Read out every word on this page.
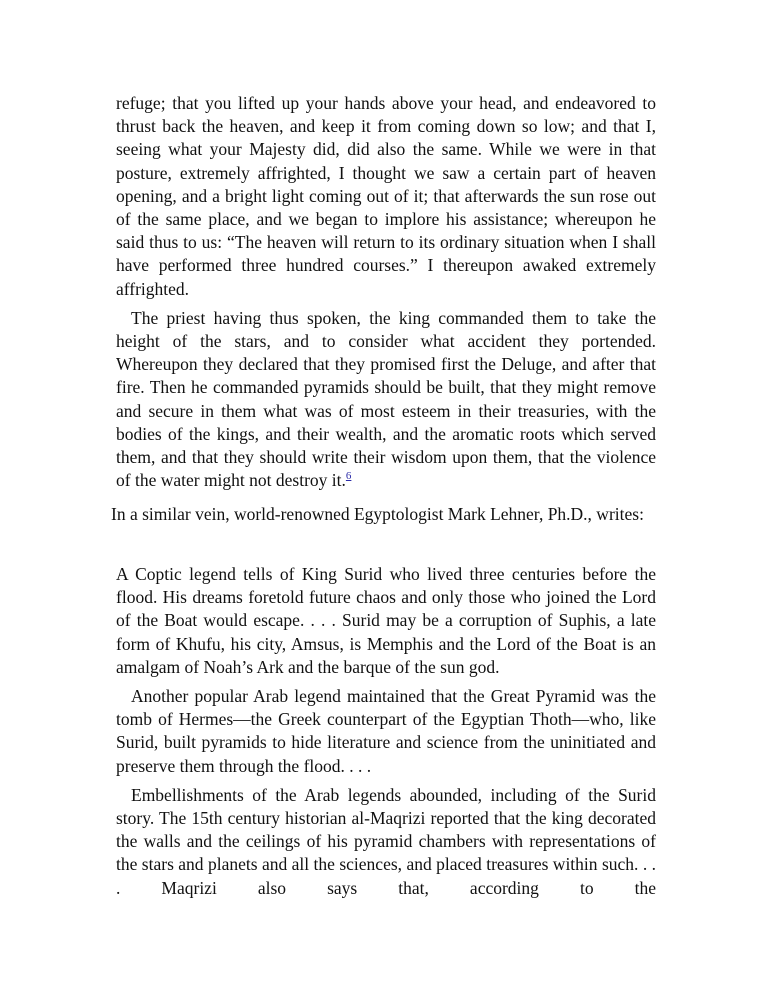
refuge; that you lifted up your hands above your head, and endeavored to thrust back the heaven, and keep it from coming down so low; and that I, seeing what your Majesty did, did also the same. While we were in that posture, extremely affrighted, I thought we saw a certain part of heaven opening, and a bright light coming out of it; that afterwards the sun rose out of the same place, and we began to implore his assistance; whereupon he said thus to us: “The heaven will return to its ordinary situation when I shall have performed three hundred courses.” I thereupon awaked extremely affrighted.

The priest having thus spoken, the king commanded them to take the height of the stars, and to consider what accident they portended. Whereupon they declared that they promised first the Deluge, and after that fire. Then he commanded pyramids should be built, that they might remove and secure in them what was of most esteem in their treasuries, with the bodies of the kings, and their wealth, and the aromatic roots which served them, and that they should write their wisdom upon them, that the violence of the water might not destroy it.$^6$

In a similar vein, world-renowned Egyptologist Mark Lehner, Ph.D., writes:

A Coptic legend tells of King Surid who lived three centuries before the flood. His dreams foretold future chaos and only those who joined the Lord of the Boat would escape. . . . Surid may be a corruption of Suphis, a late form of Khufu, his city, Amsus, is Memphis and the Lord of the Boat is an amalgam of Noah’s Ark and the barque of the sun god.

Another popular Arab legend maintained that the Great Pyramid was the tomb of Hermes—the Greek counterpart of the Egyptian Thoth—who, like Surid, built pyramids to hide literature and science from the uninitiated and preserve them through the flood. . . .

Embellishments of the Arab legends abounded, including of the Surid story. The 15th century historian al-Maqrizi reported that the king decorated the walls and the ceilings of his pyramid chambers with representations of the stars and planets and all the sciences, and placed treasures within such. . . . Maqrizi also says that, according to the
